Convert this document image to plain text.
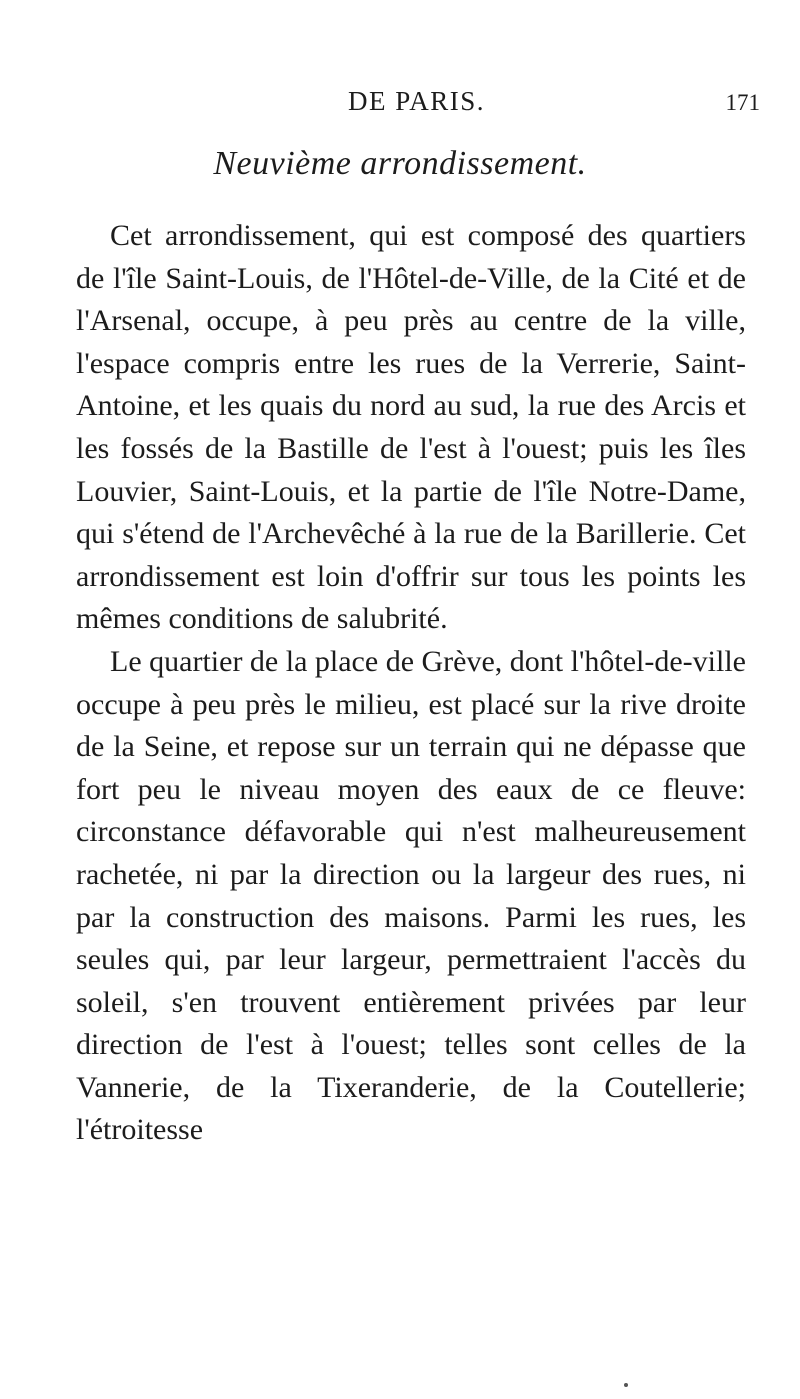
DE PARIS.	171
Neuvième arrondissement.

Cet arrondissement, qui est composé des quartiers de l'île Saint-Louis, de l'Hôtel-de-Ville, de la Cité et de l'Arsenal, occupe, à peu près au centre de la ville, l'espace compris entre les rues de la Verrerie, Saint-Antoine, et les quais du nord au sud, la rue des Arcis et les fossés de la Bastille de l'est à l'ouest; puis les îles Louvier, Saint-Louis, et la partie de l'île Notre-Dame, qui s'étend de l'Archevêché à la rue de la Barillerie. Cet arrondissement est loin d'offrir sur tous les points les mêmes conditions de salubrité.

Le quartier de la place de Grève, dont l'hôtel-de-ville occupe à peu près le milieu, est placé sur la rive droite de la Seine, et repose sur un terrain qui ne dépasse que fort peu le niveau moyen des eaux de ce fleuve: circonstance défavorable qui n'est malheureusement rachetée, ni par la direction ou la largeur des rues, ni par la construction des maisons. Parmi les rues, les seules qui, par leur largeur, permettraient l'accès du soleil, s'en trouvent entièrement privées par leur direction de l'est à l'ouest; telles sont celles de la Vannerie, de la Tixeranderie, de la Coutellerie; l'étroitesse
